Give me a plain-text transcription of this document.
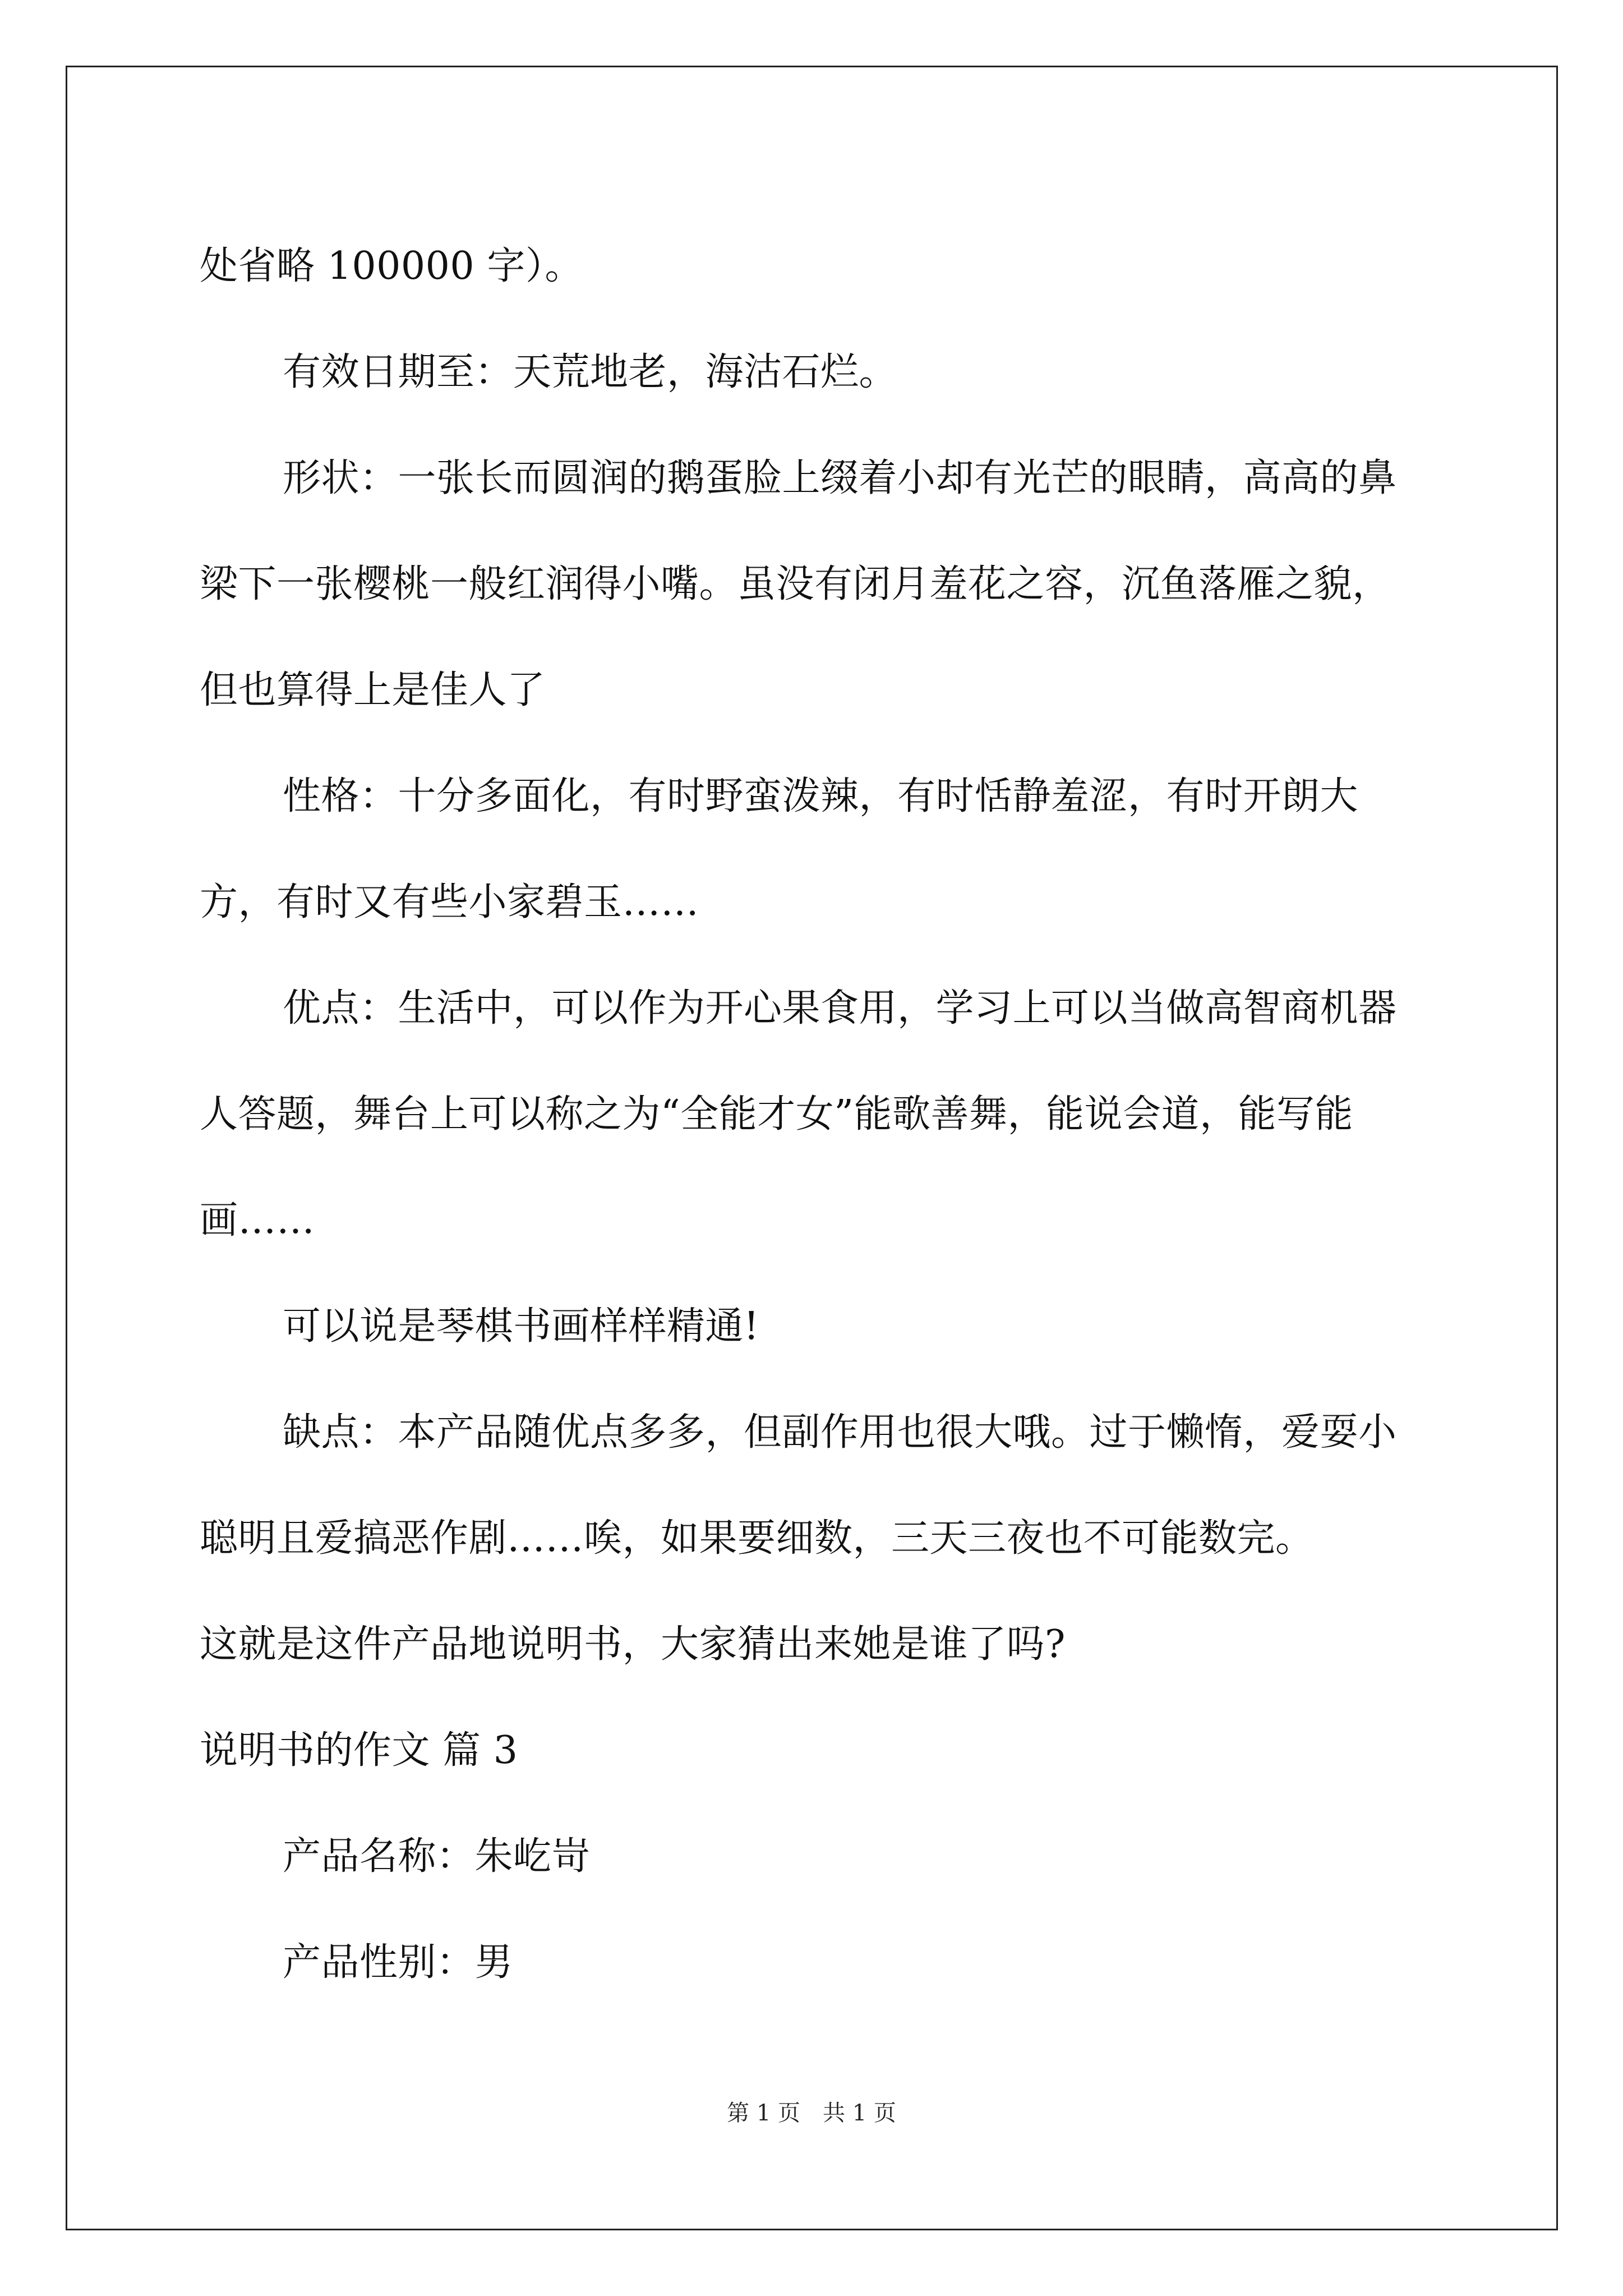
处省略 100000 字）。

有效日期至：天荒地老，海沽石烂。

形状：一张长而圆润的鹅蛋脸上缀着小却有光芒的眼睛，高高的鼻梁下一张樱桃一般红润得小嘴。虽没有闭月羞花之容，沉鱼落雁之貌，但也算得上是佳人了

性格：十分多面化，有时野蛮泼辣，有时恬静羞涩，有时开朗大方，有时又有些小家碧玉……

优点：生活中，可以作为开心果食用，学习上可以当做高智商机器人答题，舞台上可以称之为“全能才女”能歌善舞，能说会道，能写能画……

可以说是琴棋书画样样精通!

缺点：本产品随优点多多，但副作用也很大哦。过于懒惰，爱耍小聪明且爱搞恶作剧……唉，如果要细数，三天三夜也不可能数完。

这就是这件产品地说明书，大家猜出来她是谁了吗?

说明书的作文 篇 3

产品名称：朱屹岢

产品性别：男

第 1 页　共 1 页
